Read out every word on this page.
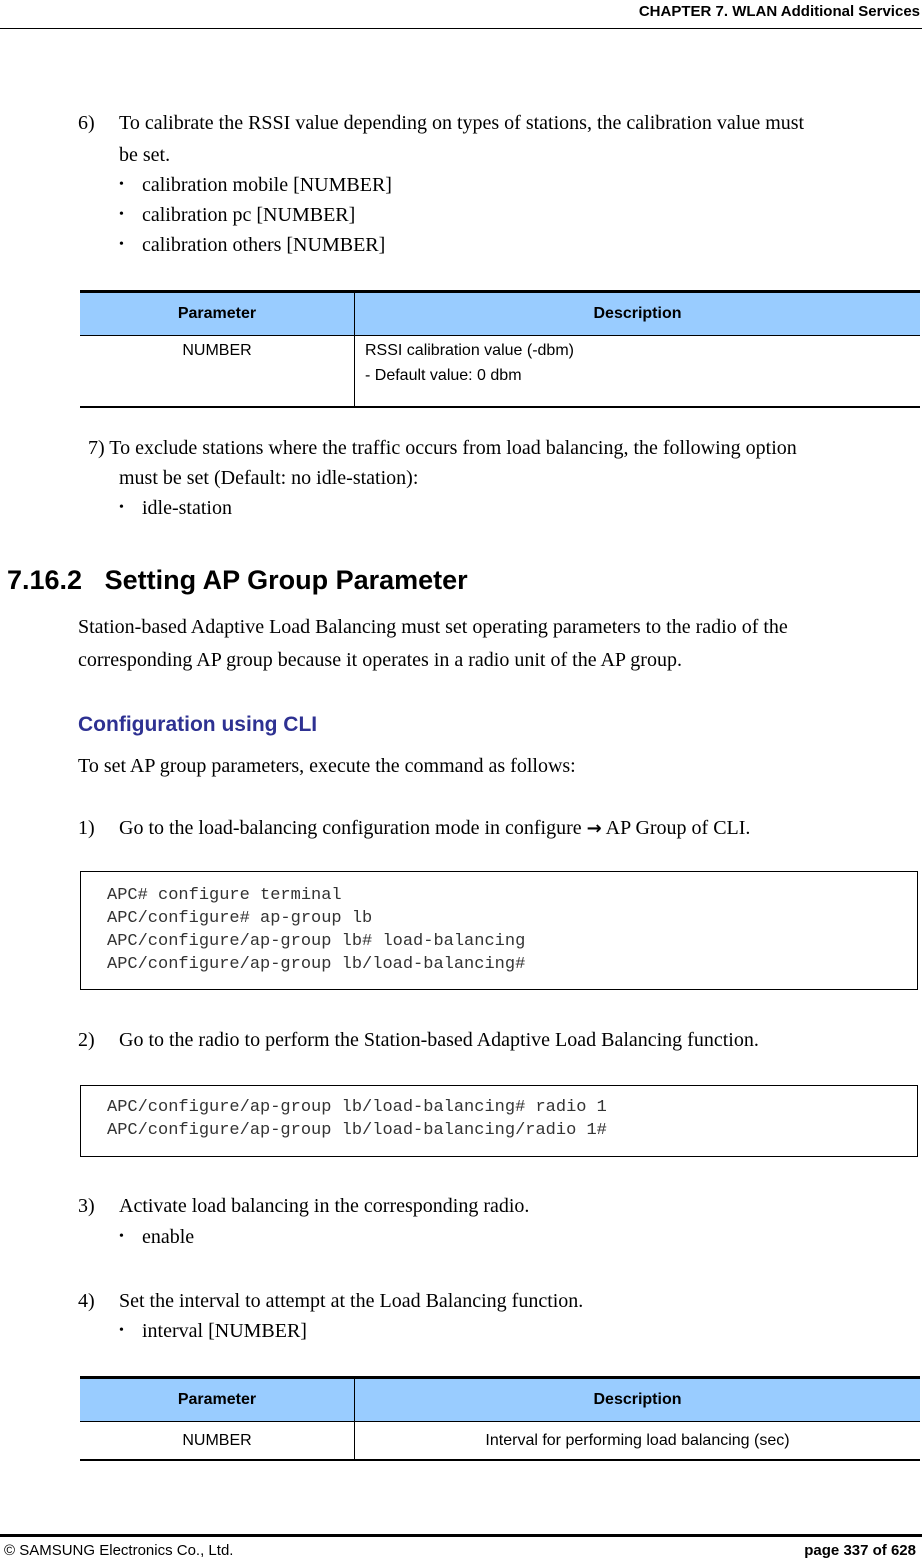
CHAPTER 7. WLAN Additional Services
6)	To calibrate the RSSI value depending on types of stations, the calibration value must
be set.
• calibration mobile [NUMBER]
• calibration pc [NUMBER]
• calibration others [NUMBER]
Parameter	Description
NUMBER	RSSI calibration value (-dbm)
- Default value: 0 dbm
7) To exclude stations where the traffic occurs from load balancing, the following option
must be set (Default: no idle-station):
• idle-station
7.16.2   Setting AP Group Parameter
Station-based Adaptive Load Balancing must set operating parameters to the radio of the
corresponding AP group because it operates in a radio unit of the AP group.
Configuration using CLI
To set AP group parameters, execute the command as follows:
1)	Go to the load-balancing configuration mode in configure → AP Group of CLI.
APC# configure terminal
APC/configure# ap-group lb
APC/configure/ap-group lb# load-balancing
APC/configure/ap-group lb/load-balancing#
2)	Go to the radio to perform the Station-based Adaptive Load Balancing function.
APC/configure/ap-group lb/load-balancing# radio 1
APC/configure/ap-group lb/load-balancing/radio 1#
3)	Activate load balancing in the corresponding radio.
• enable
4)	Set the interval to attempt at the Load Balancing function.
• interval [NUMBER]
Parameter	Description
NUMBER	Interval for performing load balancing (sec)
© SAMSUNG Electronics Co., Ltd.	page 337 of 628
